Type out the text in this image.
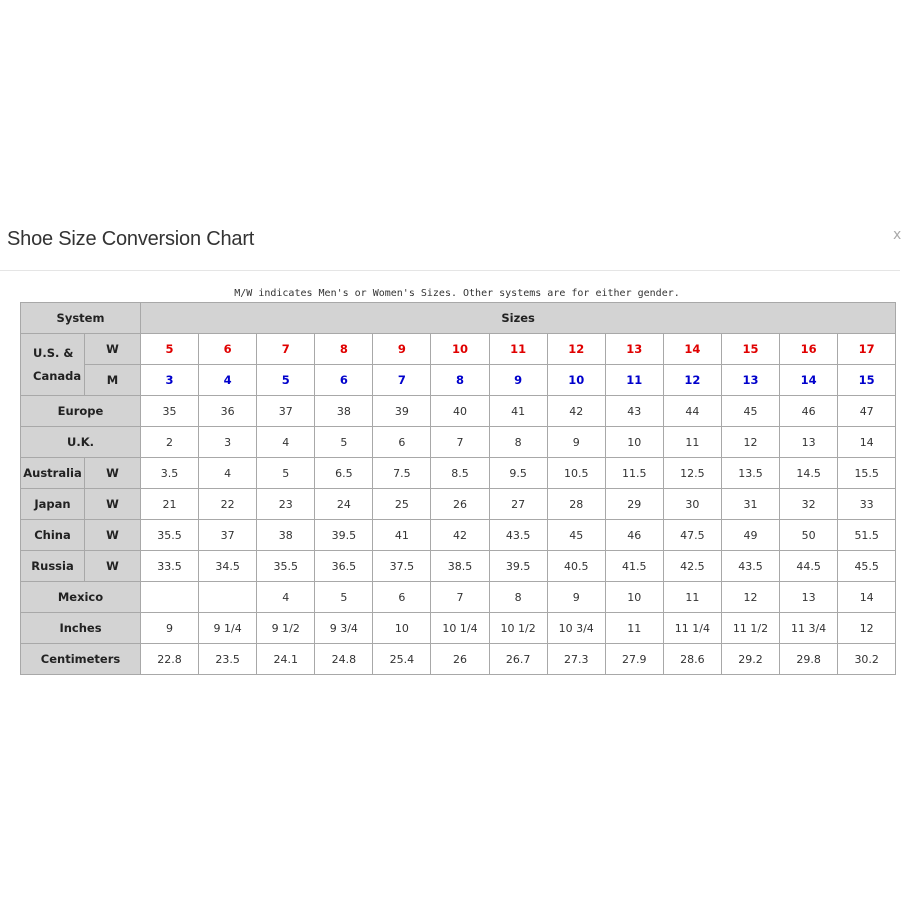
Shoe Size Conversion Chart	x
M/W indicates Men's or Women's Sizes. Other systems are for either gender.
System		Sizes												
U.S. &
Canada	W	5	6	7	8	9	10	11	12	13	14	15	16	17
	M	3	4	5	6	7	8	9	10	11	12	13	14	15
Europe		35	36	37	38	39	40	41	42	43	44	45	46	47
U.K.		2	3	4	5	6	7	8	9	10	11	12	13	14
Australia	W	3.5	4	5	6.5	7.5	8.5	9.5	10.5	11.5	12.5	13.5	14.5	15.5
Japan	W	21	22	23	24	25	26	27	28	29	30	31	32	33
China	W	35.5	37	38	39.5	41	42	43.5	45	46	47.5	49	50	51.5
Russia	W	33.5	34.5	35.5	36.5	37.5	38.5	39.5	40.5	41.5	42.5	43.5	44.5	45.5
Mexico				4	5	6	7	8	9	10	11	12	13	14
Inches		9	9 1/4	9 1/2	9 3/4	10	10 1/4	10 1/2	10 3/4	11	11 1/4	11 1/2	11 3/4	12
Centimeters		22.8	23.5	24.1	24.8	25.4	26	26.7	27.3	27.9	28.6	29.2	29.8	30.2
